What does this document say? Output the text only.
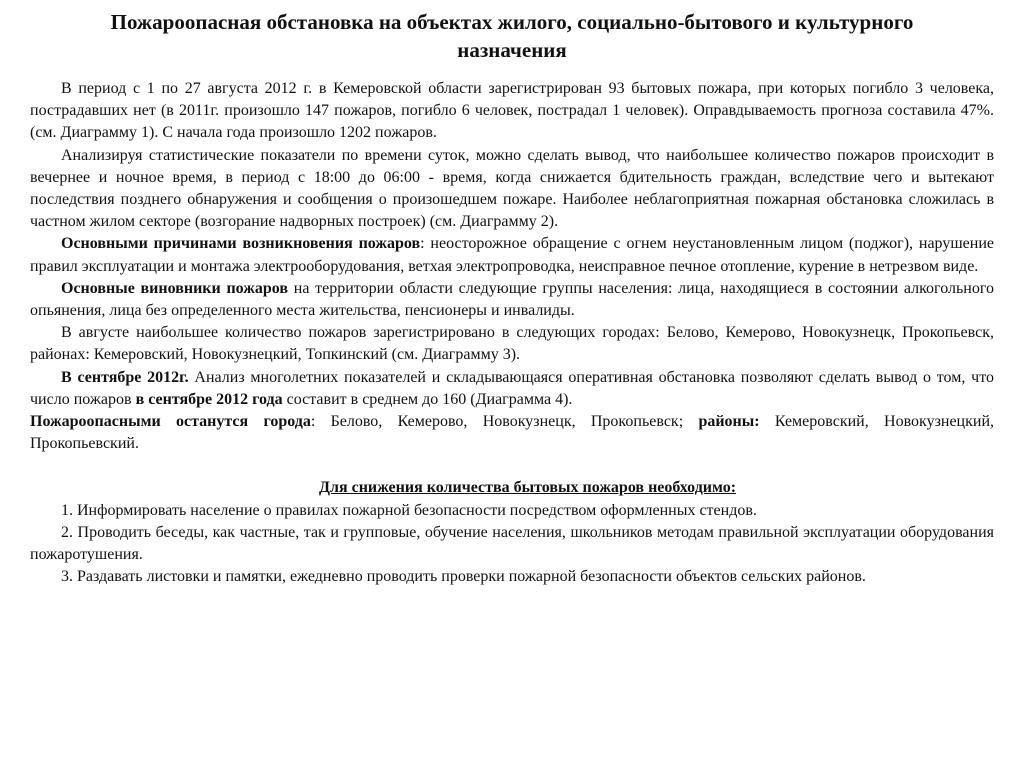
Пожароопасная обстановка на объектах жилого, социально-бытового и культурного назначения

В период с 1 по 27 августа 2012 г. в Кемеровской области зарегистрирован 93 бытовых пожара, при которых погибло 3 человека, пострадавших нет (в 2011г. произошло 147 пожаров, погибло 6 человек, пострадал 1 человек). Оправдываемость прогноза составила 47%. (см. Диаграмму 1). С начала года произошло 1202 пожаров.

Анализируя статистические показатели по времени суток, можно сделать вывод, что наибольшее количество пожаров происходит в вечернее и ночное время, в период с 18:00 до 06:00 - время, когда снижается бдительность граждан, вследствие чего и вытекают последствия позднего обнаружения и сообщения о произошедшем пожаре. Наиболее неблагоприятная пожарная обстановка сложилась в частном жилом секторе (возгорание надворных построек) (см. Диаграмму 2).

Основными причинами возникновения пожаров: неосторожное обращение с огнем неустановленным лицом (поджог), нарушение правил эксплуатации и монтажа электрооборудования, ветхая электропроводка, неисправное печное отопление, курение в нетрезвом виде.

Основные виновники пожаров на территории области следующие группы населения: лица, находящиеся в состоянии алкогольного опьянения, лица без определенного места жительства, пенсионеры и инвалиды.

В августе наибольшее количество пожаров зарегистрировано в следующих городах: Белово, Кемерово, Новокузнецк, Прокопьевск, районах: Кемеровский, Новокузнецкий, Топкинский (см. Диаграмму 3).

В сентябре 2012г. Анализ многолетних показателей и складывающаяся оперативная обстановка позволяют сделать вывод о том, что число пожаров в сентябре 2012 года составит в среднем до 160 (Диаграмма 4).

Пожароопасными останутся города: Белово, Кемерово, Новокузнецк, Прокопьевск; районы: Кемеровский, Новокузнецкий, Прокопьевский.

Для снижения количества бытовых пожаров необходимо:

1. Информировать население о правилах пожарной безопасности посредством оформленных стендов.

2. Проводить беседы, как частные, так и групповые, обучение населения, школьников методам правильной эксплуатации оборудования пожаротушения.

3. Раздавать листовки и памятки, ежедневно проводить проверки пожарной безопасности объектов сельских районов.
